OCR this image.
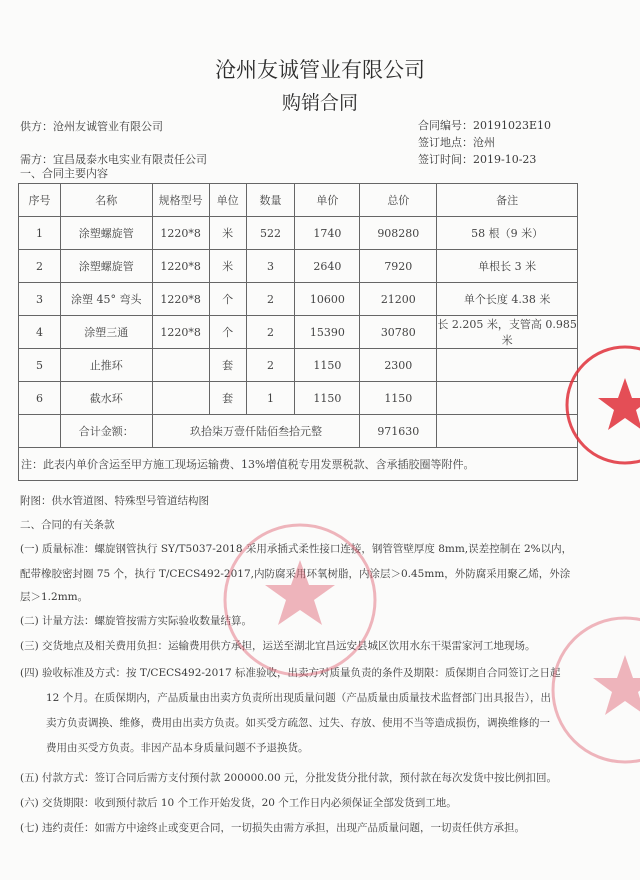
沧州友诚管业有限公司
购销合同
供方：沧州友诚管业有限公司
需方：宜昌晟泰水电实业有限责任公司
合同编号：20191023E10
签订地点：沧州
签订时间：2019-10-23
一、合同主要内容
序号	名称	规格型号	单位	数量	单价	总价	备注
1	涂塑螺旋管	1220*8	米	522	1740	908280	58 根（9 米）
2	涂塑螺旋管	1220*8	米	3	2640	7920	单根长 3 米
3	涂塑 45° 弯头	1220*8	个	2	10600	21200	单个长度 4.38 米
4	涂塑三通	1220*8	个	2	15390	30780	长 2.205 米，支管高 0.985 米
5	止推环		套	2	1150	2300	
6	截水环		套	1	1150	1150	
	合计金额：	玖拾柒万壹仟陆佰叁拾元整				971630	
注：此表内单价含运至甲方施工现场运输费、13%增值税专用发票税款、含承插胶圈等附件。							
附图：供水管道图、特殊型号管道结构图
二、合同的有关条款
(一) 质量标准：螺旋钢管执行 SY/T5037-2018 采用承插式柔性接口连接，钢管管壁厚度 8mm,误差控制在 2%以内，
配带橡胶密封圈 75 个，执行 T/CECS492-2017,内防腐采用环氧树脂，内涂层＞0.45mm，外防腐采用聚乙烯，外涂
层＞1.2mm。
(二) 计量方法：螺旋管按需方实际验收数量结算。
(三) 交货地点及相关费用负担：运输费用供方承担，运送至湖北宜昌远安县城区饮用水东干渠雷家河工地现场。
(四) 验收标准及方式：按 T/CECS492-2017 标准验收，出卖方对质量负责的条件及期限：质保期自合同签订之日起
12 个月。在质保期内，产品质量由出卖方负责所出现质量问题（产品质量由质量技术监督部门出具报告），出
卖方负责调换、维修，费用由出卖方负责。如买受方疏忽、过失、存放、使用不当等造成损伤，调换维修的一
费用由买受方负责。非因产品本身质量问题不予退换货。
(五) 付款方式：签订合同后需方支付预付款 200000.00 元，分批发货分批付款，预付款在每次发货中按比例扣回。
(六) 交货期限：收到预付款后 10 个工作开始发货，20 个工作日内必须保证全部发货到工地。
(七) 违约责任：如需方中途终止或变更合同，一切损失由需方承担，出现产品质量问题，一切责任供方承担。
